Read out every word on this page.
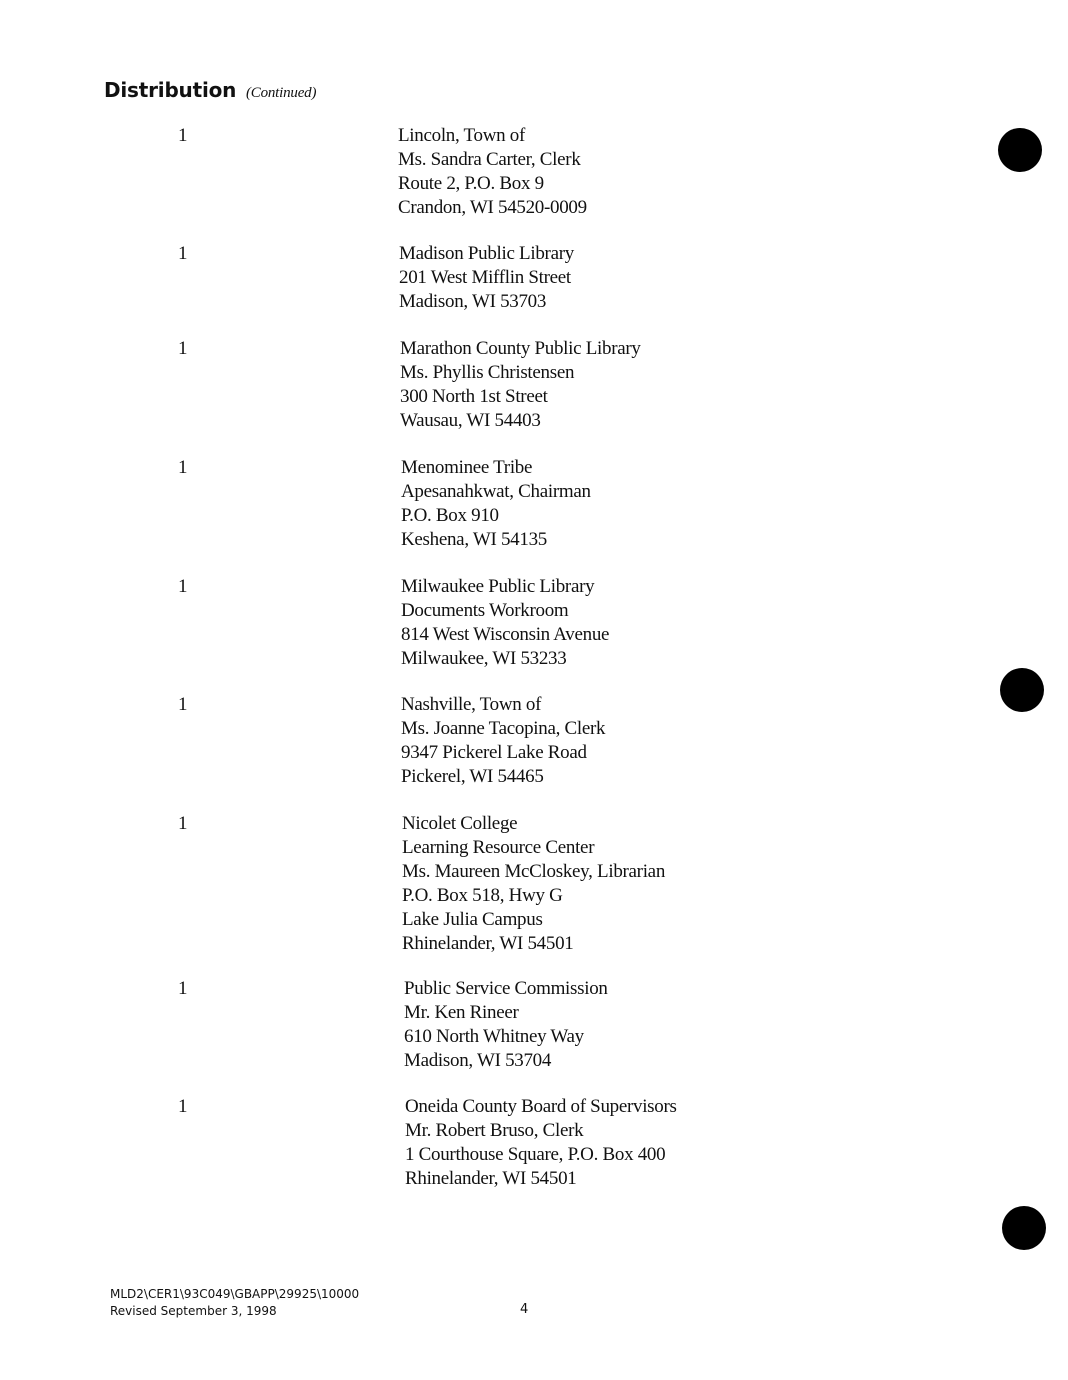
Distribution (Continued)
1	Lincoln, Town of
Ms. Sandra Carter, Clerk
Route 2, P.O. Box 9
Crandon, WI 54520-0009
1	Madison Public Library
201 West Mifflin Street
Madison, WI 53703
1	Marathon County Public Library
Ms. Phyllis Christensen
300 North 1st Street
Wausau, WI 54403
1	Menominee Tribe
Apesanahkwat, Chairman
P.O. Box 910
Keshena, WI 54135
1	Milwaukee Public Library
Documents Workroom
814 West Wisconsin Avenue
Milwaukee, WI 53233
1	Nashville, Town of
Ms. Joanne Tacopina, Clerk
9347 Pickerel Lake Road
Pickerel, WI 54465
1	Nicolet College
Learning Resource Center
Ms. Maureen McCloskey, Librarian
P.O. Box 518, Hwy G
Lake Julia Campus
Rhinelander, WI 54501
1	Public Service Commission
Mr. Ken Rineer
610 North Whitney Way
Madison, WI 53704
1	Oneida County Board of Supervisors
Mr. Robert Bruso, Clerk
1 Courthouse Square, P.O. Box 400
Rhinelander, WI 54501
MLD2\CER1\93C049\GBAPP\29925\10000
Revised September 3, 1998	4
